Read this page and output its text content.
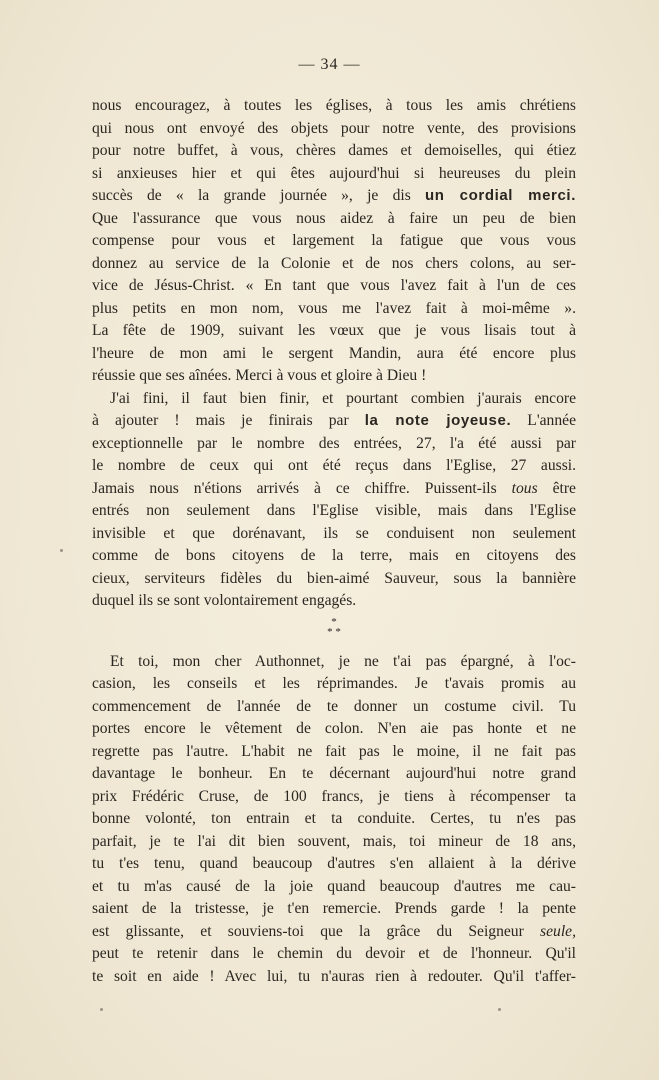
— 34 —
nous encouragez, à toutes les églises, à tous les amis chrétiens
qui nous ont envoyé des objets pour notre vente, des provisions
pour notre buffet, à vous, chères dames et demoiselles, qui étiez
si anxieuses hier et qui êtes aujourd'hui si heureuses du plein
succès de « la grande journée », je dis un cordial merci.
Que l'assurance que vous nous aidez à faire un peu de bien
compense pour vous et largement la fatigue que vous vous
donnez au service de la Colonie et de nos chers colons, au ser-
vice de Jésus-Christ. « En tant que vous l'avez fait à l'un de ces
plus petits en mon nom, vous me l'avez fait à moi-même ».
La fête de 1909, suivant les vœux que je vous lisais tout à
l'heure de mon ami le sergent Mandin, aura été encore plus
réussie que ses aînées. Merci à vous et gloire à Dieu !
J'ai fini, il faut bien finir, et pourtant combien j'aurais encore
à ajouter ! mais je finirais par la note joyeuse. L'année
exceptionnelle par le nombre des entrées, 27, l'a été aussi par
le nombre de ceux qui ont été reçus dans l'Eglise, 27 aussi.
Jamais nous n'étions arrivés à ce chiffre. Puissent-ils tous être
entrés non seulement dans l'Eglise visible, mais dans l'Eglise
invisible et que dorénavant, ils se conduisent non seulement
comme de bons citoyens de la terre, mais en citoyens des
cieux, serviteurs fidèles du bien-aimé Sauveur, sous la bannière
duquel ils se sont volontairement engagés.
*
* *
Et toi, mon cher Authonnet, je ne t'ai pas épargné, à l'oc-
casion, les conseils et les réprimandes. Je t'avais promis au
commencement de l'année de te donner un costume civil. Tu
portes encore le vêtement de colon. N'en aie pas honte et ne
regrette pas l'autre. L'habit ne fait pas le moine, il ne fait pas
davantage le bonheur. En te décernant aujourd'hui notre grand
prix Frédéric Cruse, de 100 francs, je tiens à récompenser ta
bonne volonté, ton entrain et ta conduite. Certes, tu n'es pas
parfait, je te l'ai dit bien souvent, mais, toi mineur de 18 ans,
tu t'es tenu, quand beaucoup d'autres s'en allaient à la dérive
et tu m'as causé de la joie quand beaucoup d'autres me cau-
saient de la tristesse, je t'en remercie. Prends garde ! la pente
est glissante, et souviens-toi que la grâce du Seigneur seule,
peut te retenir dans le chemin du devoir et de l'honneur. Qu'il
te soit en aide ! Avec lui, tu n'auras rien à redouter. Qu'il t'affer-
